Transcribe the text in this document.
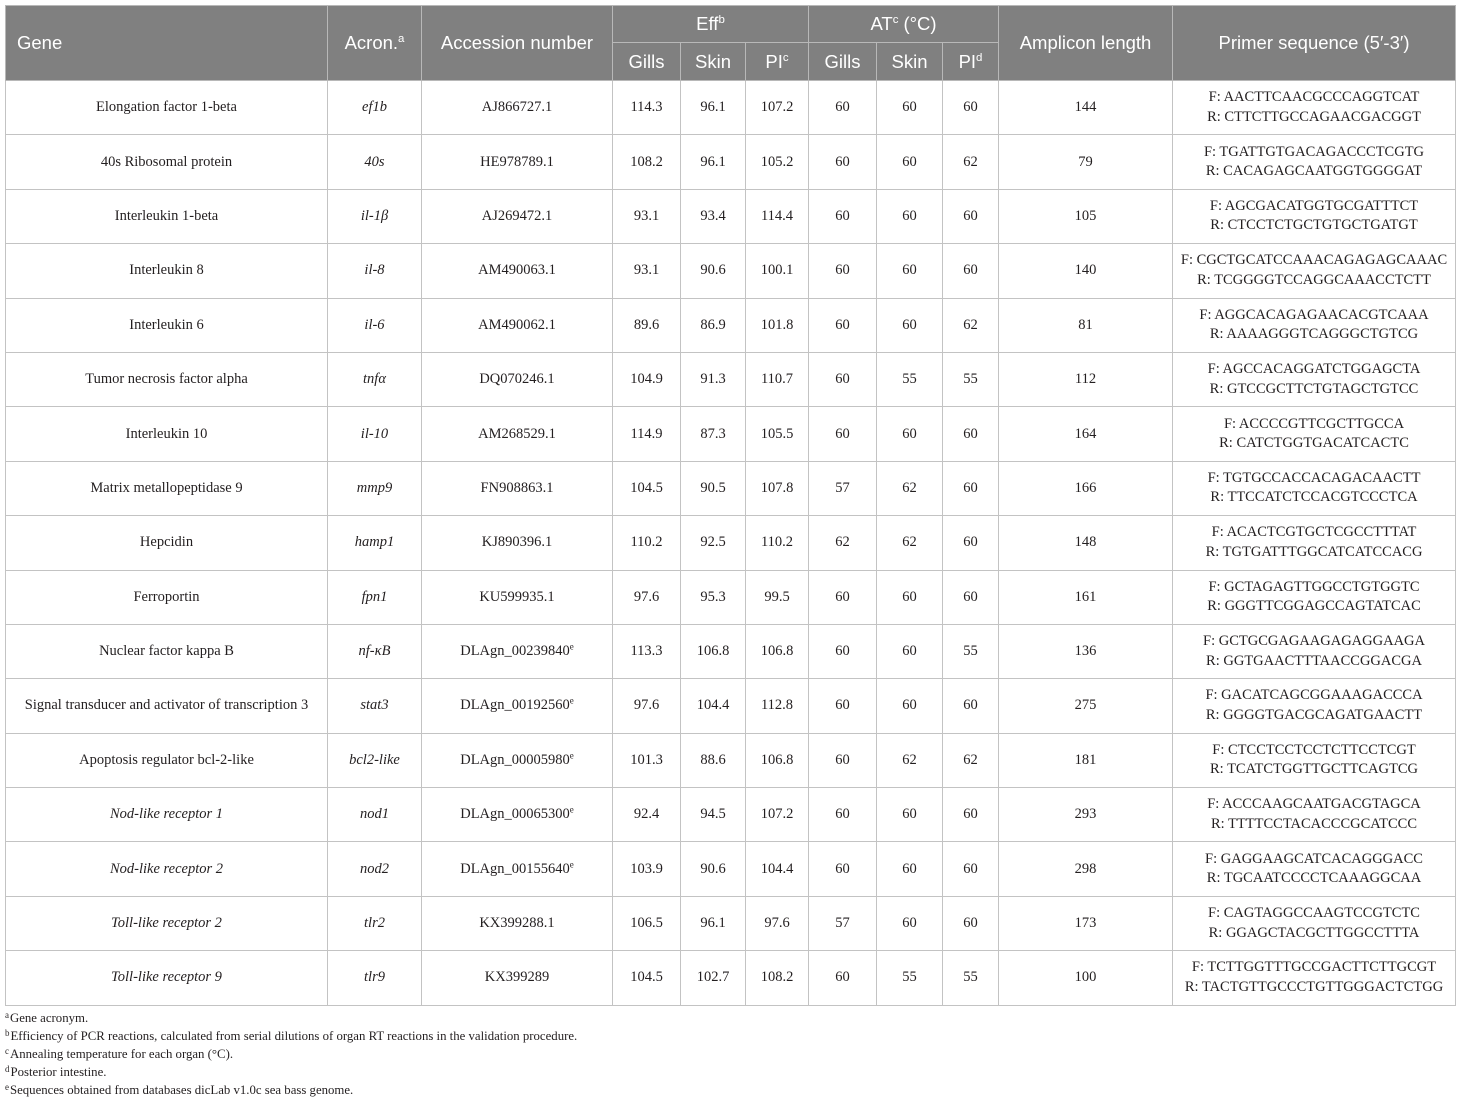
Gene	Acron.$^a$	Accession number	Eff$^b$			$AT^c$ (°C)			Amplicon length	Primer sequence (5′-3′)
			Gills	Skin	$PI^c$	Gills	Skin	$PI^d$
Elongation factor 1-beta	ef1b	AJ866727.1	114.3	96.1	107.2	60	60	60	144	F: AACTTCAACGCCCAGGTCAT
R: CTTCTTGCCAGAACGACGGT

40s Ribosomal protein	40s	HE978789.1	108.2	96.1	105.2	60	60	62	79	F: TGATTGTGACAGACCCTCGTG
R: CACAGAGCAATGGTGGGGAT

Interleukin 1-beta	il-1β	AJ269472.1	93.1	93.4	114.4	60	60	60	105	F: AGCGACATGGTGCGATTTCT
R: CTCCTCTGCTGTGCTGATGT

Interleukin 8	il-8	AM490063.1	93.1	90.6	100.1	60	60	60	140	F: CGCTGCATCCAAACAGAGAGCAAAC
R: TCGGGGTCCAGGCAAACCTCTT

Interleukin 6	il-6	AM490062.1	89.6	86.9	101.8	60	60	62	81	F: AGGCACAGAGAACACGTCAAA
R: AAAAGGGTCAGGGCTGTCG

Tumor necrosis factor alpha	tnfα	DQ070246.1	104.9	91.3	110.7	60	55	55	112	F: AGCCACAGGATCTGGAGCTA
R: GTCCGCTTCTGTAGCTGTCC

Interleukin 10	il-10	AM268529.1	114.9	87.3	105.5	60	60	60	164	F: ACCCCGTTCGCTTGCCA
R: CATCTGGTGACATCACTC

Matrix metallopeptidase 9	mmp9	FN908863.1	104.5	90.5	107.8	57	62	60	166	F: TGTGCCACCACAGACAACTT
R: TTCCATCTCCACGTCCCTCA

Hepcidin	hamp1	KJ890396.1	110.2	92.5	110.2	62	62	60	148	F: ACACTCGTGCTCGCCTTTAT
R: TGTGATTTGGCATCATCCACG

Ferroportin	fpn1	KU599935.1	97.6	95.3	99.5	60	60	60	161	F: GCTAGAGTTGGCCTGTGGTC
R: GGGTTCGGAGCCAGTATCAC

Nuclear factor kappa B	nf-κB	DLAgn_00239840e	113.3	106.8	106.8	60	60	55	136	F: GCTGCGAGAAGAGAGGAAGA
R: GGTGAACTTTAACCGGACGA

Signal transducer and activator of transcription 3	stat3	DLAgn_00192560e	97.6	104.4	112.8	60	60	60	275	F: GACATCAGCGGAAAGACCCA
R: GGGGTGACGCAGATGAACTT

Apoptosis regulator bcl-2-like	bcl2-like	DLAgn_00005980e	101.3	88.6	106.8	60	62	62	181	F: CTCCTCCTCCTCTTCCTCGT
R: TCATCTGGTTGCTTCAGTCG

Nod-like receptor 1	nod1	DLAgn_00065300e	92.4	94.5	107.2	60	60	60	293	F: ACCCAAGCAATGACGTAGCA
R: TTTTCCTACACCCGCATCCC

Nod-like receptor 2	nod2	DLAgn_00155640e	103.9	90.6	104.4	60	60	60	298	F: GAGGAAGCATCACAGGGACC
R: TGCAATCCCCTCAAAGGCAA

Toll-like receptor 2	tlr2	KX399288.1	106.5	96.1	97.6	57	60	60	173	F: CAGTAGGCCAAGTCCGTCTC
R: GGAGCTACGCTTGGCCTTTA

Toll-like receptor 9	tlr9	KX399289	104.5	102.7	108.2	60	55	55	100	F: TCTTGGTTTGCCGACTTCTTGCGT
R: TACTGTTGCCCTGTTGGGACTCTGG
$^a$Gene acronym.
$^b$Efficiency of PCR reactions, calculated from serial dilutions of organ RT reactions in the validation procedure.
$^c$Annealing temperature for each organ (°C).
$^d$Posterior intestine.
$^e$Sequences obtained from databases dicLab v1.0c sea bass genome.
